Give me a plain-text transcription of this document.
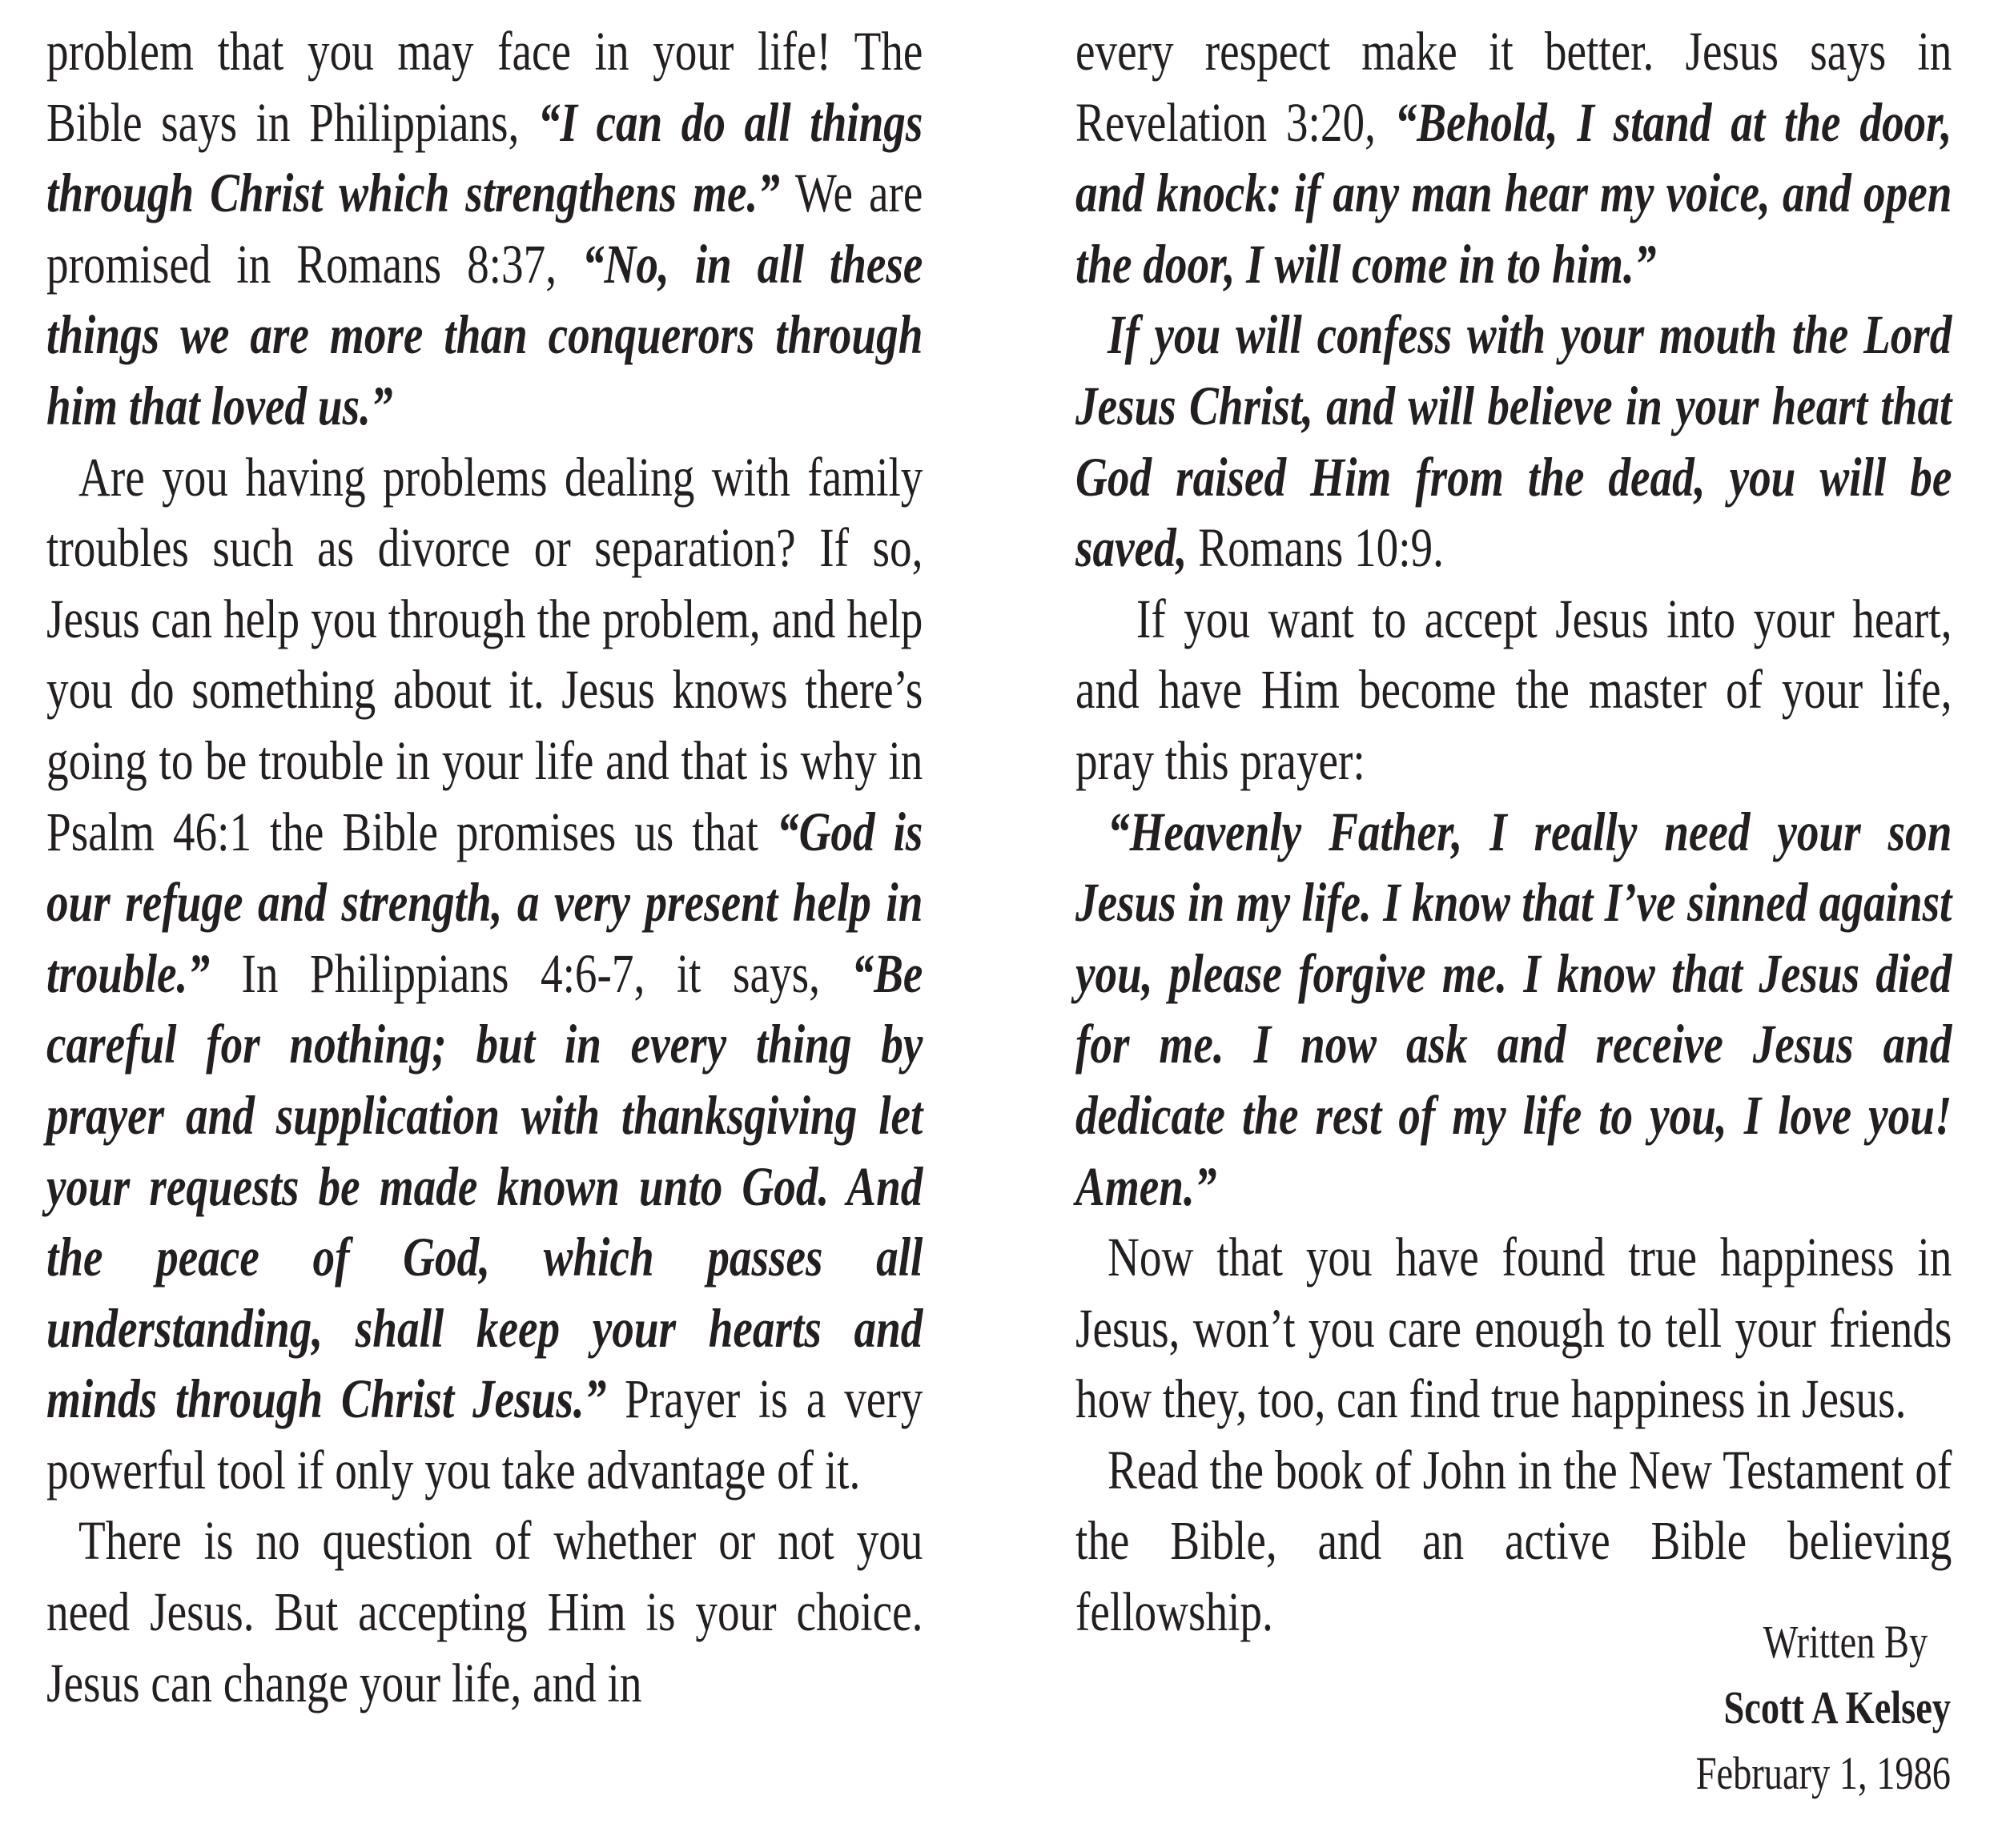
problem that you may face in your life! The Bible says in Philippians, “I can do all things through Christ which strengthens me.” We are promised in Romans 8:37, “No, in all these things we are more than conquerors through him that loved us.”

Are you having problems dealing with family troubles such as divorce or separation? If so, Jesus can help you through the problem, and help you do something about it. Jesus knows there’s going to be trouble in your life and that is why in Psalm 46:1 the Bible promises us that “God is our refuge and strength, a very present help in trouble.” In Philippians 4:6-7, it says, “Be careful for nothing; but in every thing by prayer and supplication with thanksgiving let your requests be made known unto God. And the peace of God, which passes all understanding, shall keep your hearts and minds through Christ Jesus.” Prayer is a very powerful tool if only you take advantage of it.

There is no question of whether or not you need Jesus. But accepting Him is your choice. Jesus can change your life, and in

every respect make it better. Jesus says in Revelation 3:20, “Behold, I stand at the door, and knock: if any man hear my voice, and open the door, I will come in to him.”

If you will confess with your mouth the Lord Jesus Christ, and will believe in your heart that God raised Him from the dead, you will be saved, Romans 10:9.

If you want to accept Jesus into your heart, and have Him become the master of your life, pray this prayer:

“Heavenly Father, I really need your son Jesus in my life. I know that I’ve sinned against you, please forgive me. I know that Jesus died for me. I now ask and receive Jesus and dedicate the rest of my life to you, I love you! Amen.”

Now that you have found true happiness in Jesus, won’t you care enough to tell your friends how they, too, can find true happiness in Jesus.

Read the book of John in the New Testament of the Bible, and an active Bible believing fellowship.	Written By
Scott A Kelsey
February 1, 1986
